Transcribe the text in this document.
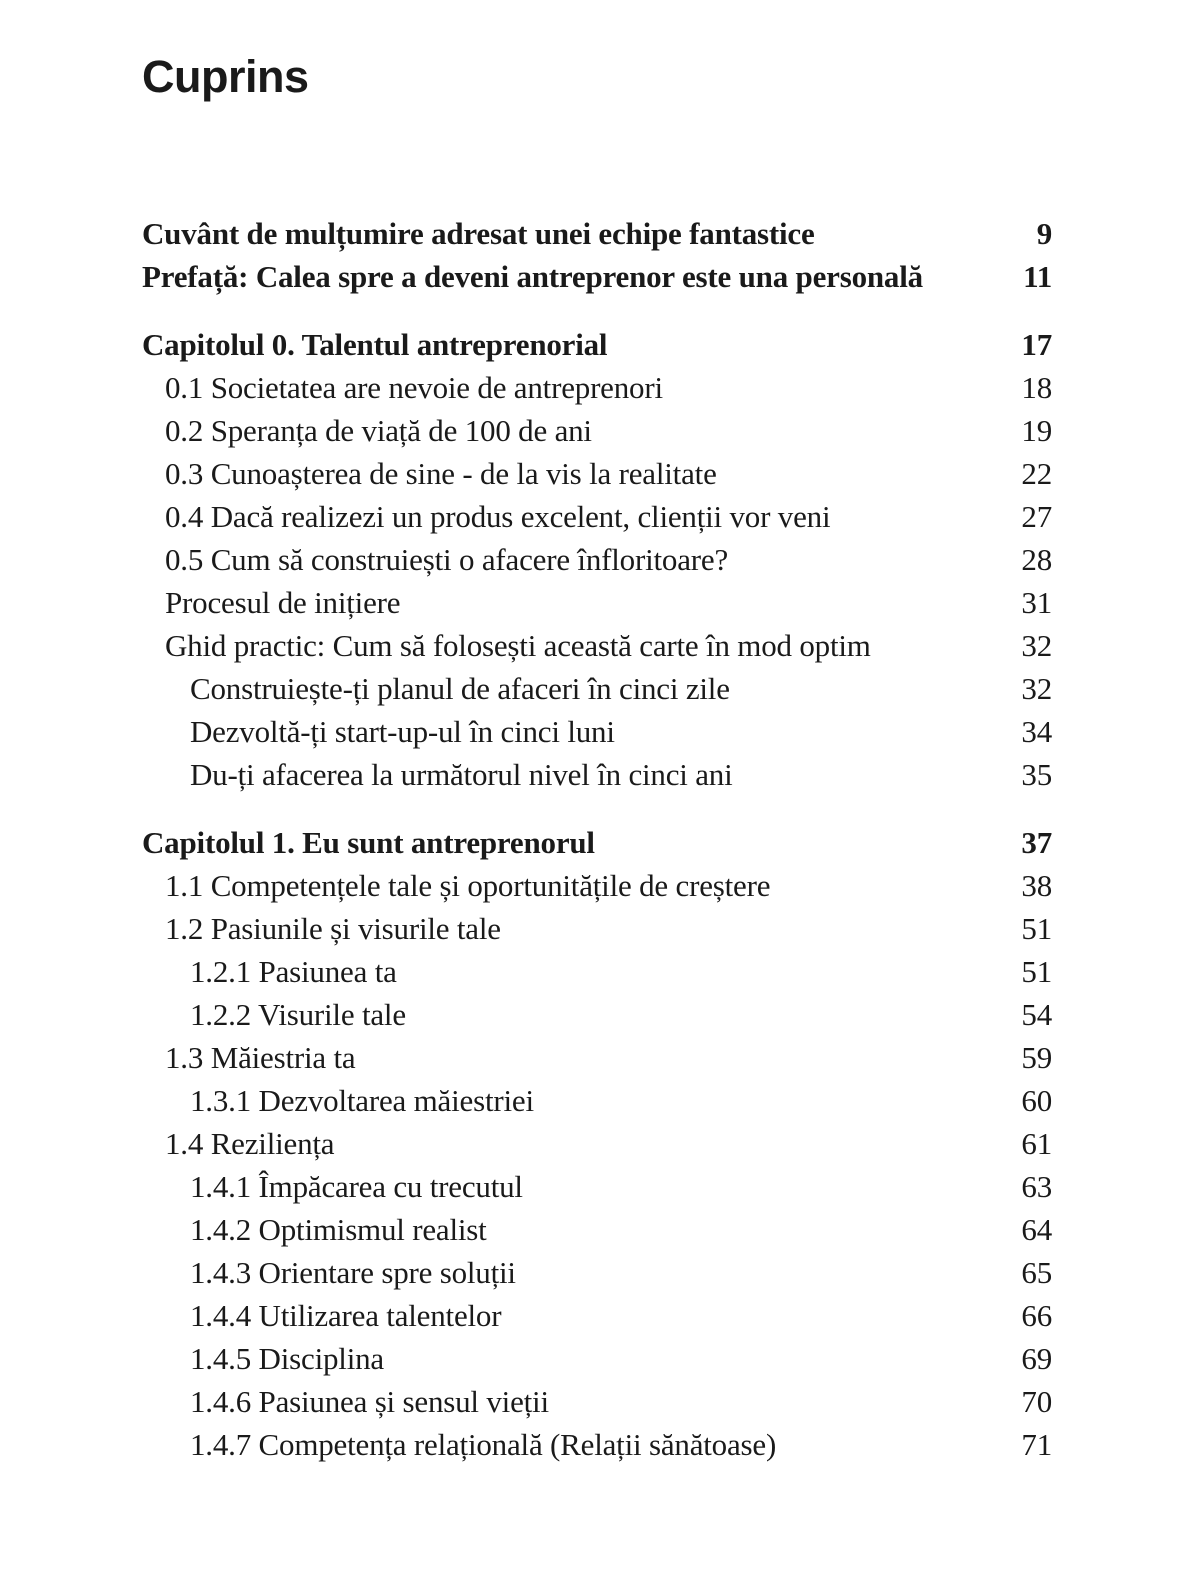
Cuprins
Cuvânt de mulțumire adresat unei echipe fantastice	9
Prefață: Calea spre a deveni antreprenor este una personală	11
Capitolul 0. Talentul antreprenorial	17
0.1 Societatea are nevoie de antreprenori	18
0.2 Speranța de viață de 100 de ani	19
0.3 Cunoașterea de sine - de la vis la realitate	22
0.4 Dacă realizezi un produs excelent, clienții vor veni	27
0.5 Cum să construiești o afacere înfloritoare?	28
Procesul de inițiere	31
Ghid practic: Cum să folosești această carte în mod optim	32
Construiește-ți planul de afaceri în cinci zile	32
Dezvoltă-ți start-up-ul în cinci luni	34
Du-ți afacerea la următorul nivel în cinci ani	35
Capitolul 1. Eu sunt antreprenorul	37
1.1 Competențele tale și oportunitățile de creștere	38
1.2 Pasiunile și visurile tale	51
1.2.1 Pasiunea ta	51
1.2.2 Visurile tale	54
1.3 Măiestria ta	59
1.3.1 Dezvoltarea măiestriei	60
1.4 Reziliența	61
1.4.1 Împăcarea cu trecutul	63
1.4.2 Optimismul realist	64
1.4.3 Orientare spre soluții	65
1.4.4 Utilizarea talentelor	66
1.4.5 Disciplina	69
1.4.6 Pasiunea și sensul vieții	70
1.4.7 Competența relațională (Relații sănătoase)	71
